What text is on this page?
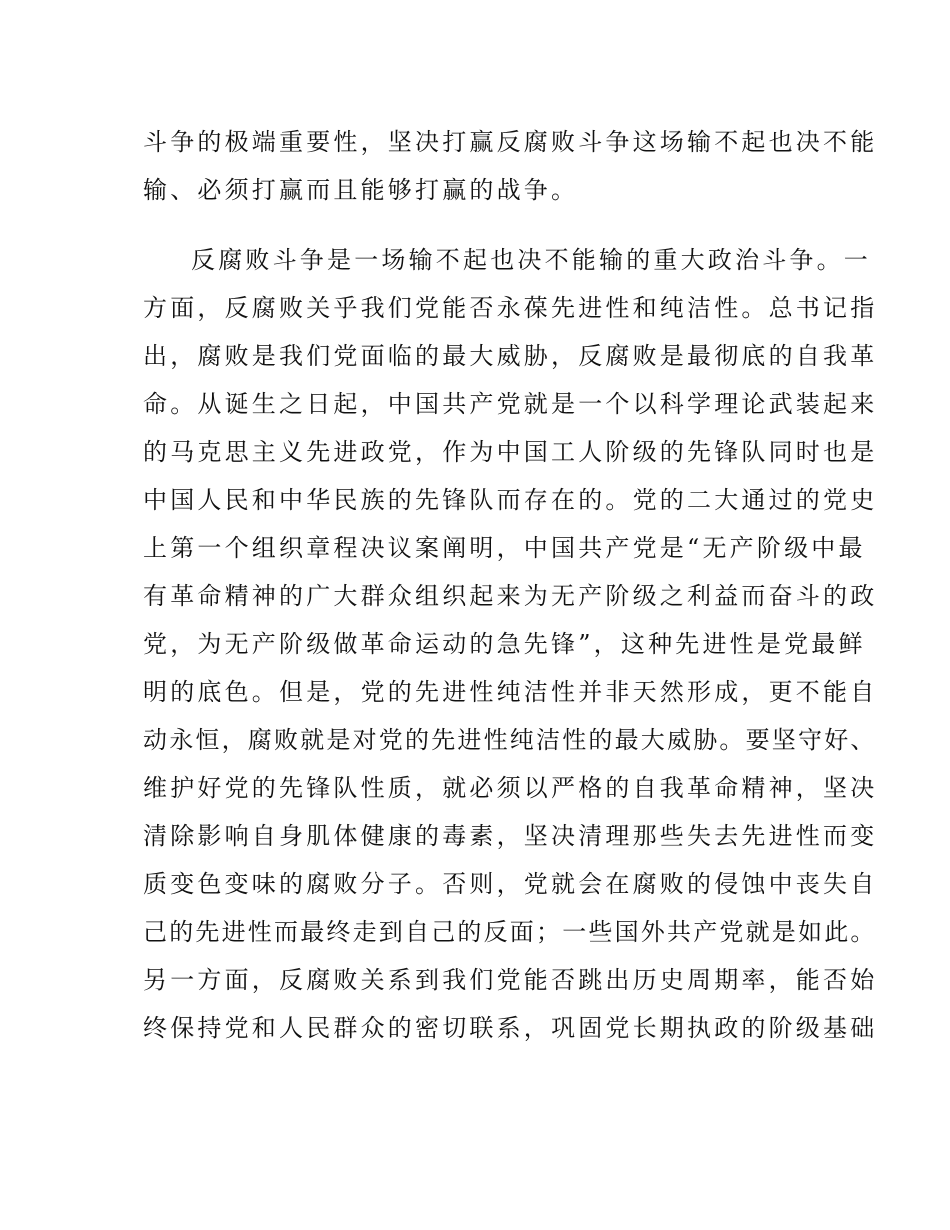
斗争的极端重要性，坚决打赢反腐败斗争这场输不起也决不能
输、必须打赢而且能够打赢的战争。
反腐败斗争是一场输不起也决不能输的重大政治斗争。一
方面，反腐败关乎我们党能否永葆先进性和纯洁性。总书记指
出，腐败是我们党面临的最大威胁，反腐败是最彻底的自我革
命。从诞生之日起，中国共产党就是一个以科学理论武装起来
的马克思主义先进政党，作为中国工人阶级的先锋队同时也是
中国人民和中华民族的先锋队而存在的。党的二大通过的党史
上第一个组织章程决议案阐明，中国共产党是“无产阶级中最
有革命精神的广大群众组织起来为无产阶级之利益而奋斗的政
党，为无产阶级做革命运动的急先锋”，这种先进性是党最鲜
明的底色。但是，党的先进性纯洁性并非天然形成，更不能自
动永恒，腐败就是对党的先进性纯洁性的最大威胁。要坚守好、
维护好党的先锋队性质，就必须以严格的自我革命精神，坚决
清除影响自身肌体健康的毒素，坚决清理那些失去先进性而变
质变色变味的腐败分子。否则，党就会在腐败的侵蚀中丧失自
己的先进性而最终走到自己的反面；一些国外共产党就是如此。
另一方面，反腐败关系到我们党能否跳出历史周期率，能否始
终保持党和人民群众的密切联系，巩固党长期执政的阶级基础
